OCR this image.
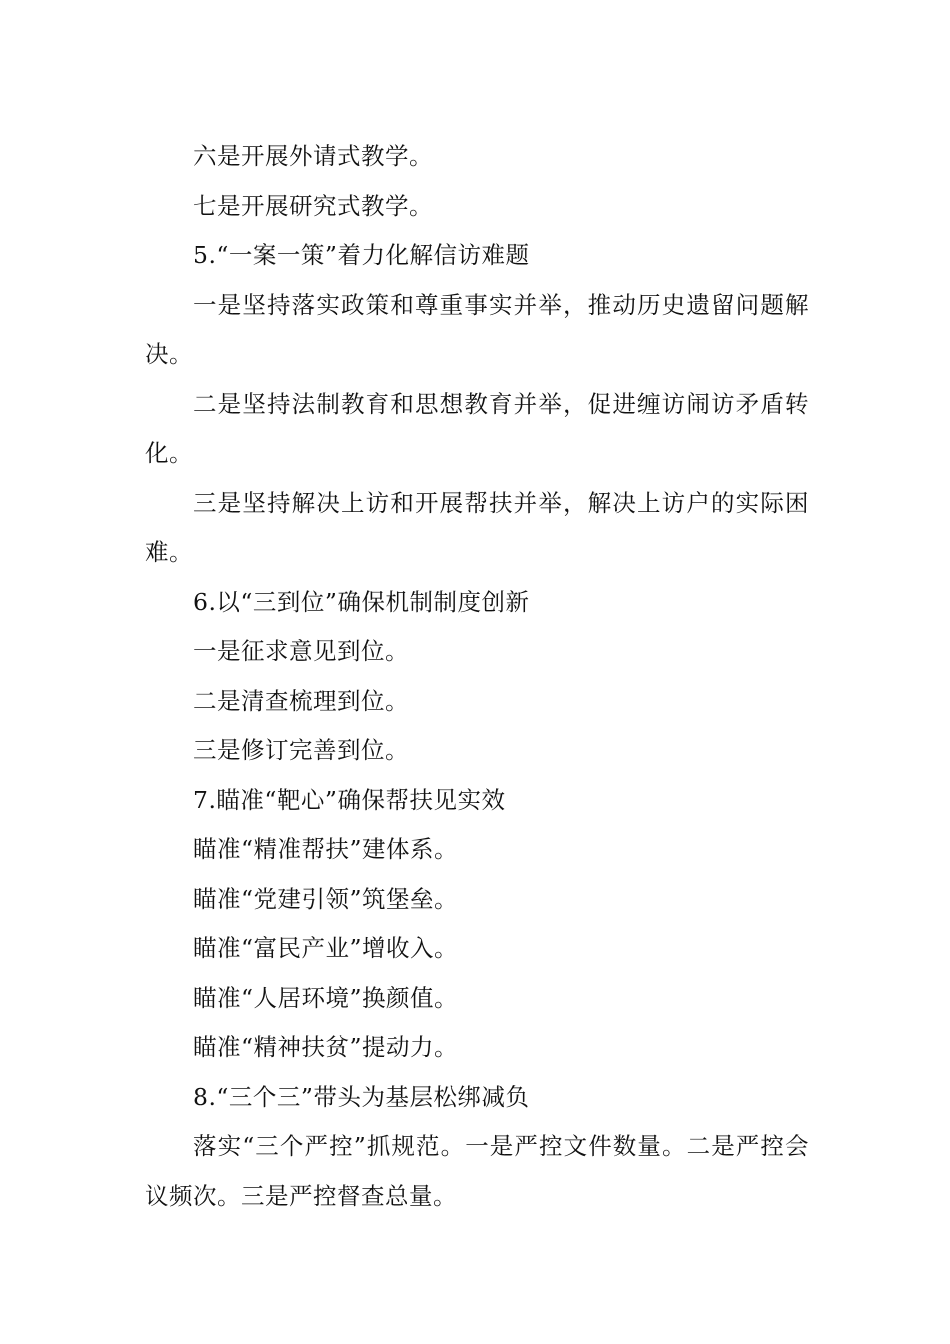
六是开展外请式教学。

七是开展研究式教学。

5.“一案一策”着力化解信访难题

一是坚持落实政策和尊重事实并举，推动历史遗留问题解决。

二是坚持法制教育和思想教育并举，促进缠访闹访矛盾转化。

三是坚持解决上访和开展帮扶并举，解决上访户的实际困难。

6.以“三到位”确保机制制度创新

一是征求意见到位。

二是清查梳理到位。

三是修订完善到位。

7.瞄准“靶心”确保帮扶见实效

瞄准“精准帮扶”建体系。

瞄准“党建引领”筑堡垒。

瞄准“富民产业”增收入。

瞄准“人居环境”换颜值。

瞄准“精神扶贫”提动力。

8.“三个三”带头为基层松绑减负

落实“三个严控”抓规范。一是严控文件数量。二是严控会议频次。三是严控督查总量。
